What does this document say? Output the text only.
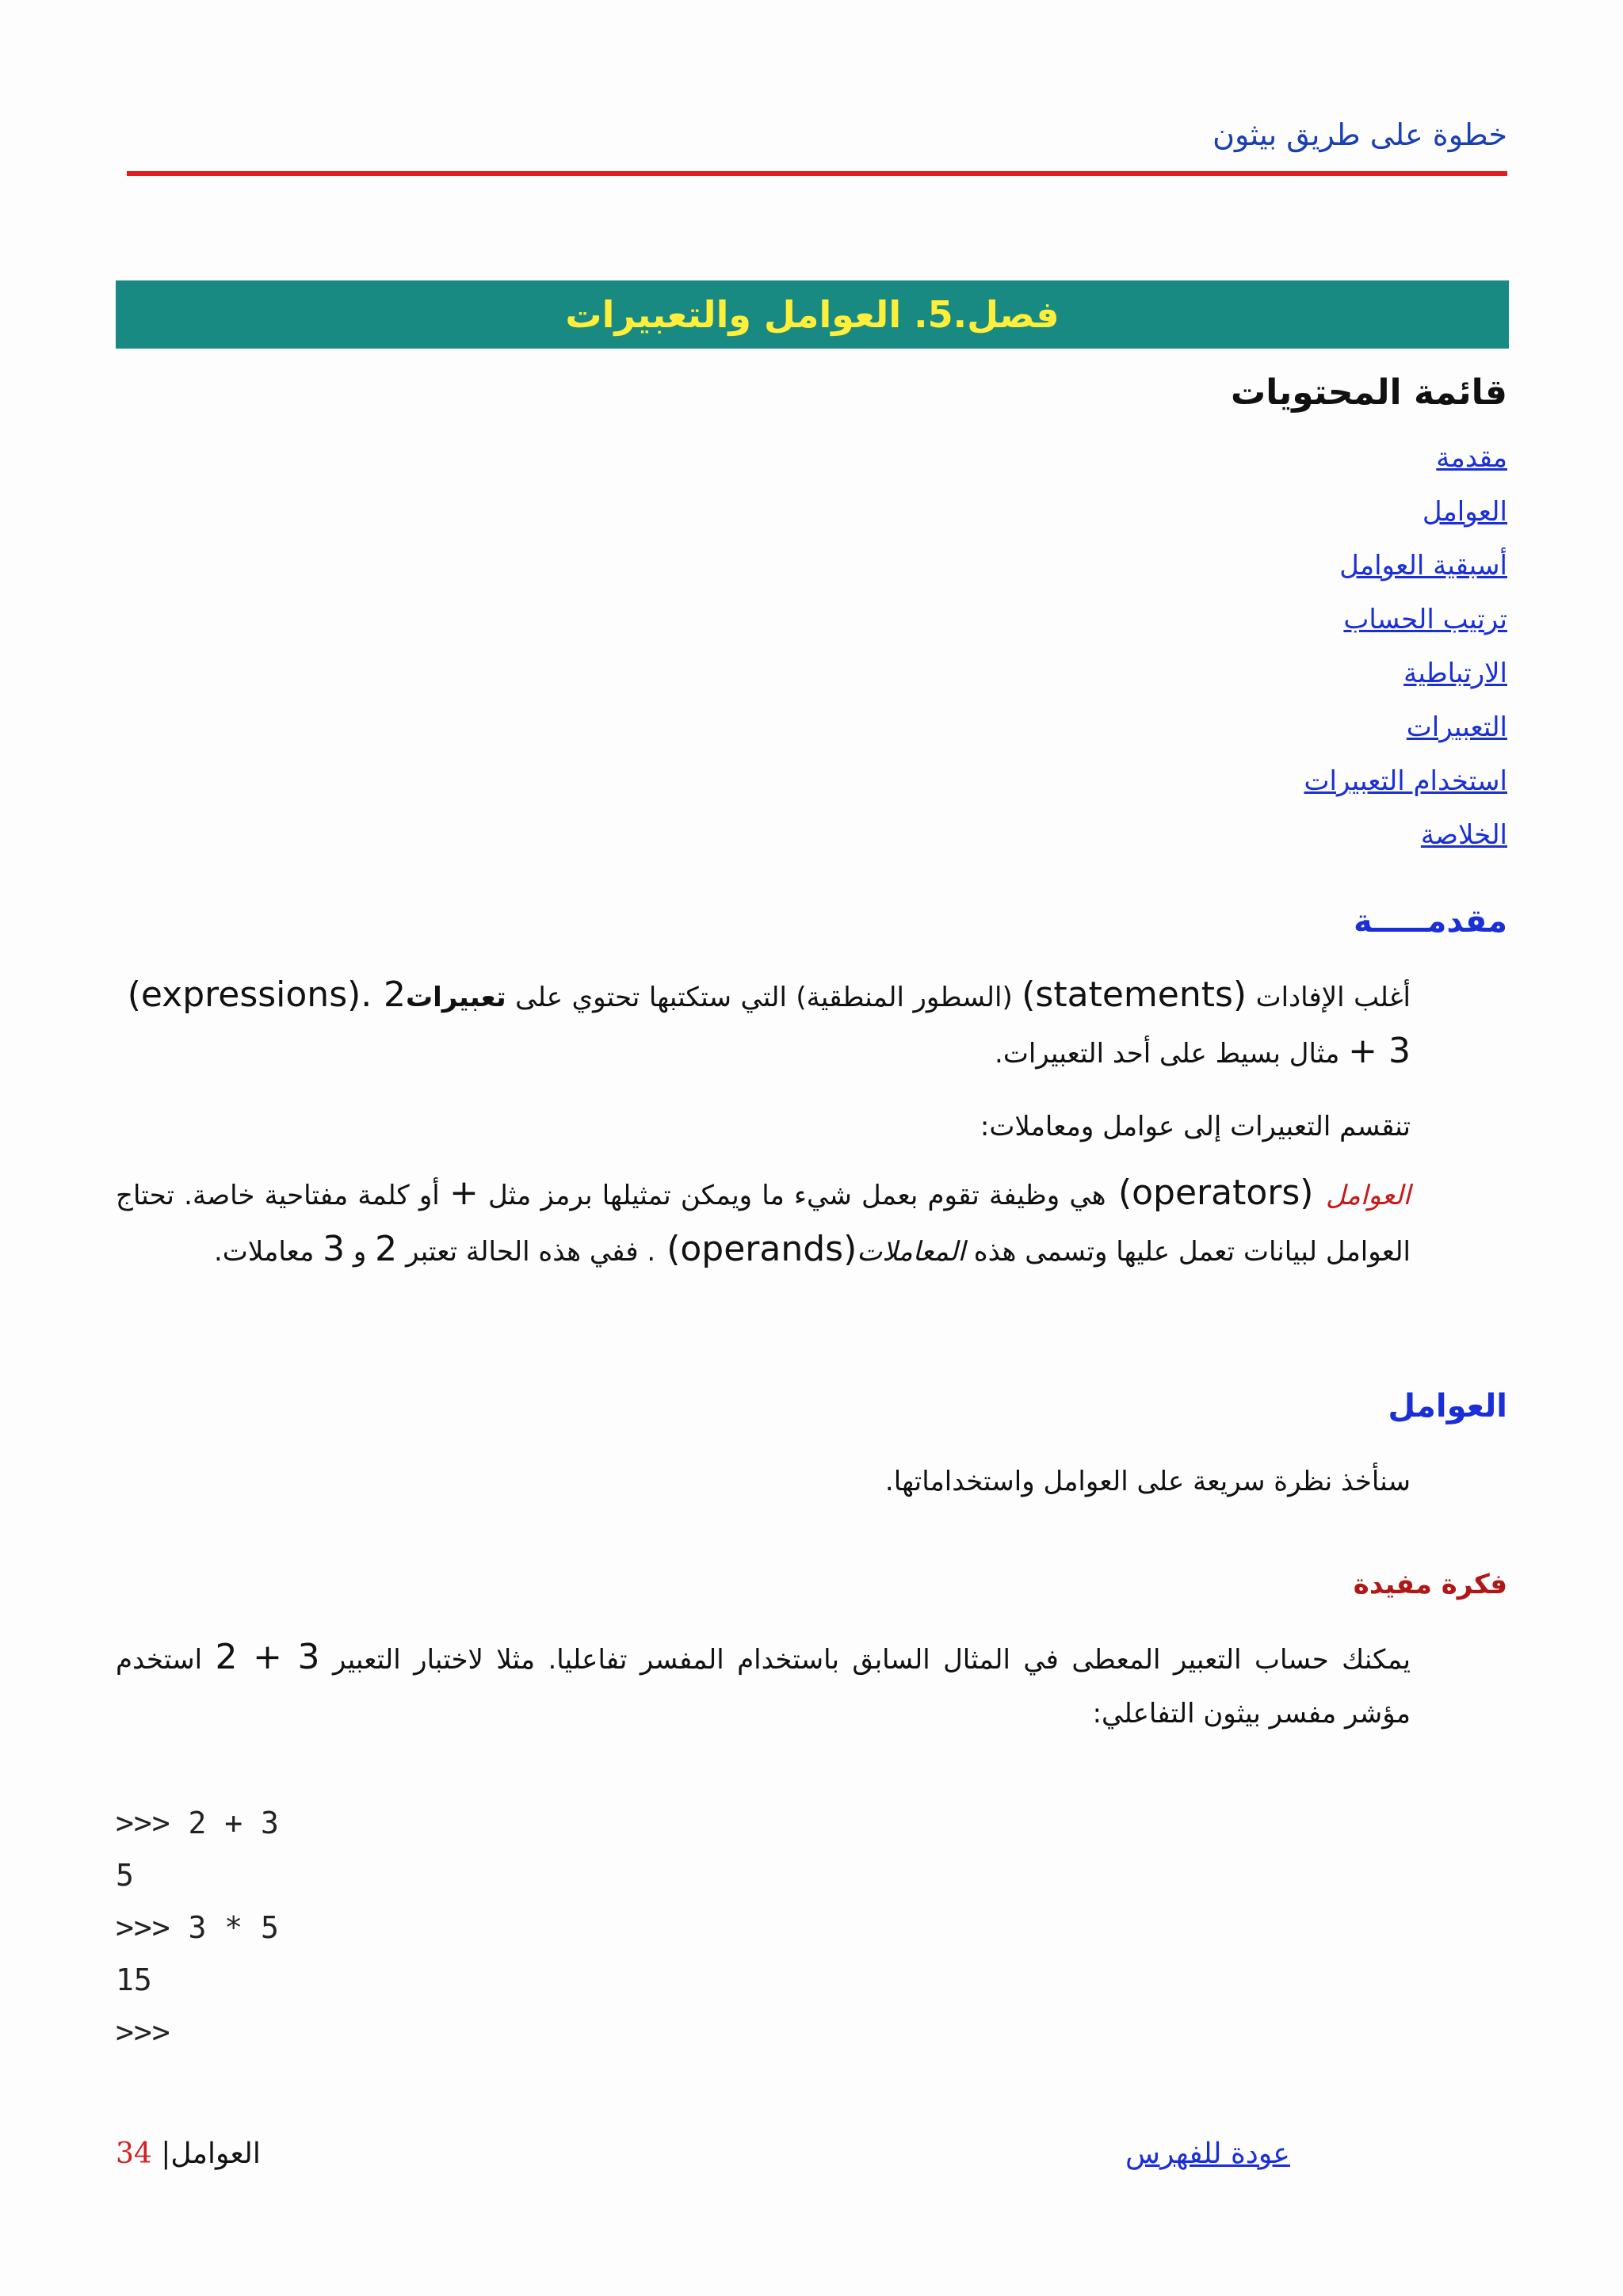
خطوة على طريق بيثون
فصل.5. العوامل والتعبيرات
قائمة المحتويات
مقدمة
العوامل
أسبقية العوامل
ترتيب الحساب
الارتباطية
التعبيرات
استخدام التعبيرات
الخلاصة
مقدمـــــة

أغلب الإفادات (statements) (السطور المنطقية) التي ستكتبها تحتوي على تعبيرات (expressions). 2 + 3 مثال بسيط على أحد التعبيرات.

تنقسم التعبيرات إلى عوامل ومعاملات:

العوامل (operators) هي وظيفة تقوم بعمل شيء ما ويمكن تمثيلها برمز مثل + أو كلمة مفتاحية خاصة. تحتاج العوامل لبيانات تعمل عليها وتسمى هذه المعاملات (operands). ففي هذه الحالة تعتبر 2 و 3 معاملات.

العوامل

سنأخذ نظرة سريعة على العوامل واستخداماتها.

فكرة مفيدة

يمكنك حساب التعبير المعطى في المثال السابق باستخدام المفسر تفاعليا. مثلا لاختبار التعبير 2 + 3 استخدم مؤشر مفسر بيثون التفاعلي:

>>> 2 + 3
5
>>> 3 * 5
15
>>>
34 |العوامل	عودة للفهرس
